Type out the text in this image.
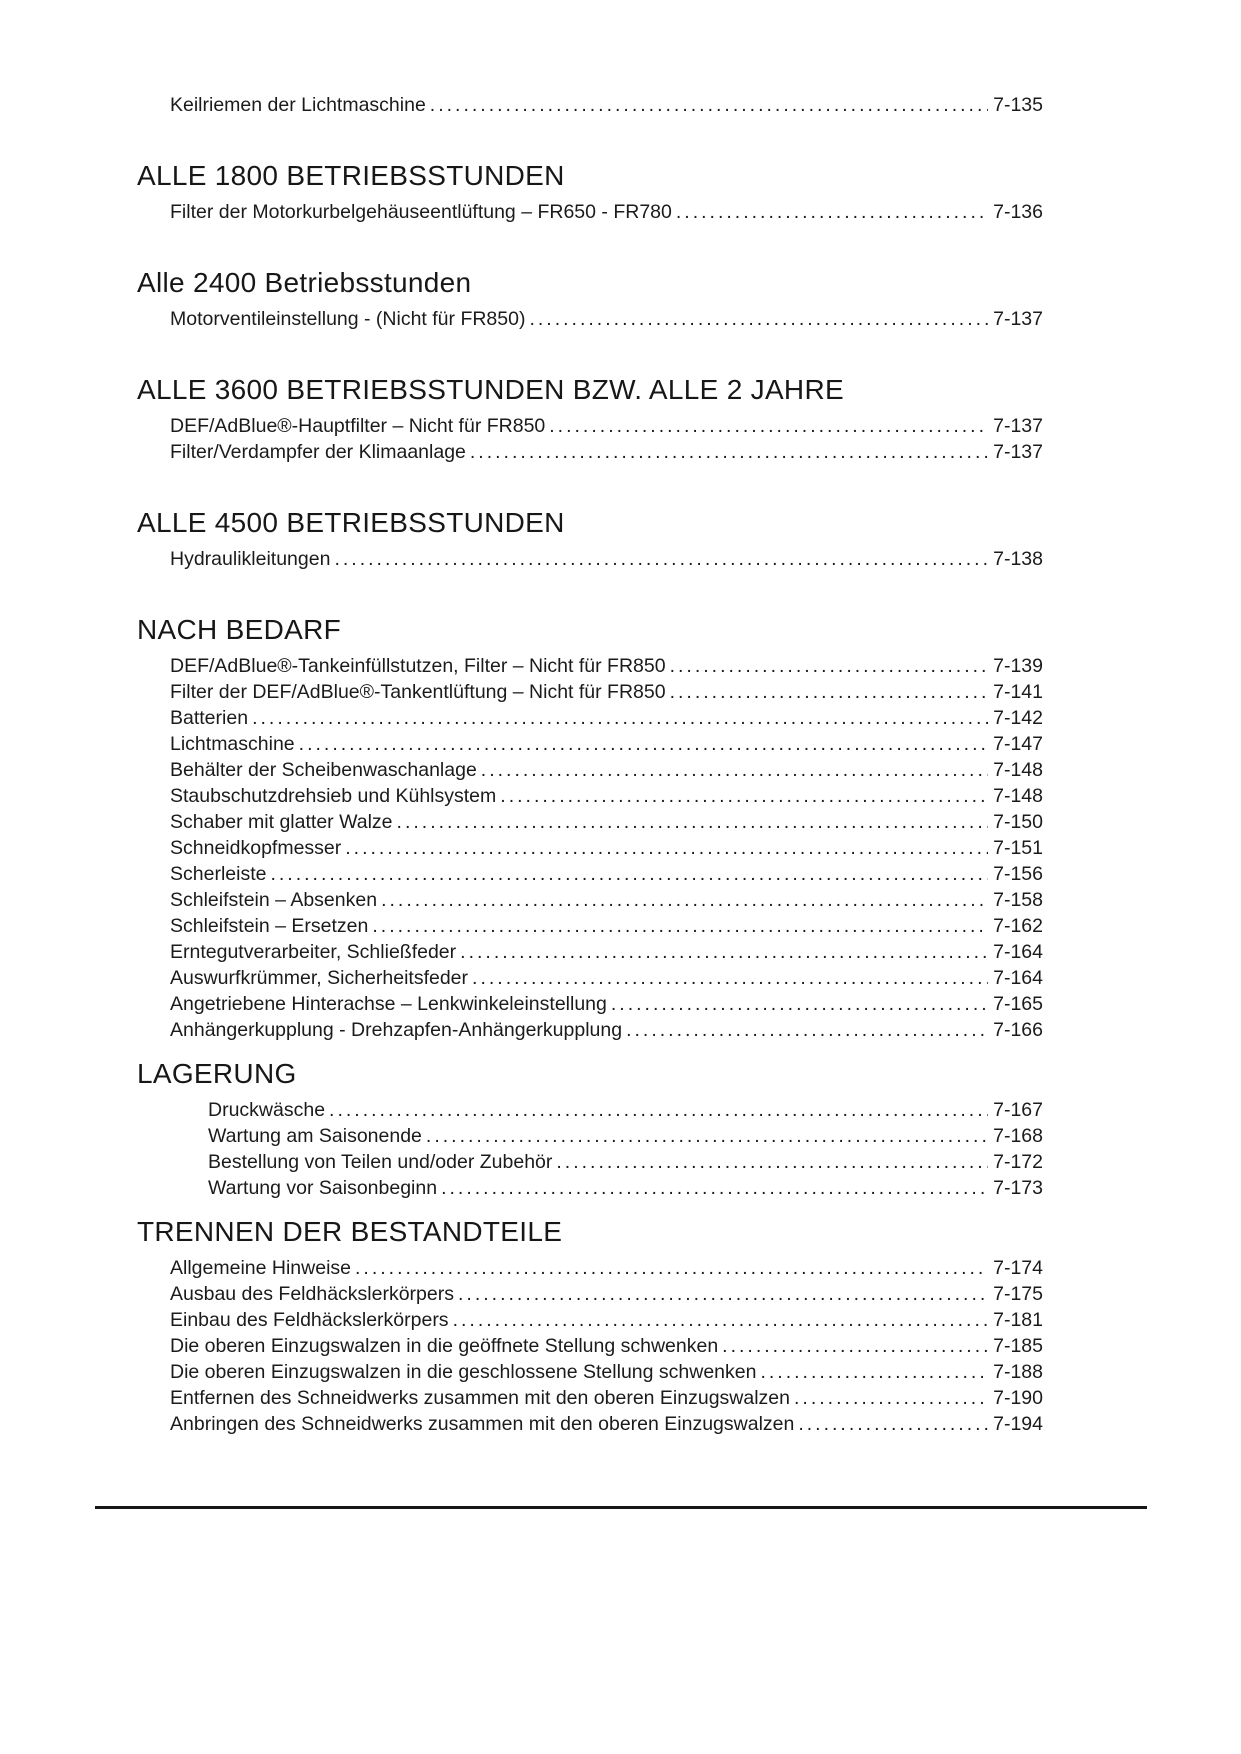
Keilriemen der Lichtmaschine .....	7-135
ALLE 1800 BETRIEBSSTUNDEN
Filter der Motorkurbelgehäuseentlüftung – FR650 - FR780 .....	7-136
Alle 2400 Betriebsstunden
Motorventileinstellung - (Nicht für FR850) .....	7-137
ALLE 3600 BETRIEBSSTUNDEN BZW. ALLE 2 JAHRE
DEF/AdBlue®-Hauptfilter – Nicht für FR850 .....	7-137
Filter/Verdampfer der Klimaanlage .....	7-137
ALLE 4500 BETRIEBSSTUNDEN
Hydraulikleitungen .....	7-138
NACH BEDARF
DEF/AdBlue®-Tankeinfüllstutzen, Filter – Nicht für FR850 .....	7-139
Filter der DEF/AdBlue®-Tankentlüftung – Nicht für FR850 .....	7-141
Batterien .....	7-142
Lichtmaschine .....	7-147
Behälter der Scheibenwaschanlage .....	7-148
Staubschutzdrehsieb und Kühlsystem .....	7-148
Schaber mit glatter Walze .....	7-150
Schneidkopfmesser .....	7-151
Scherleiste .....	7-156
Schleifstein – Absenken .....	7-158
Schleifstein – Ersetzen .....	7-162
Erntegutverarbeiter, Schließfeder .....	7-164
Auswurfkrümmer, Sicherheitsfeder .....	7-164
Angetriebene Hinterachse – Lenkwinkeleinstellung .....	7-165
Anhängerkupplung - Drehzapfen-Anhängerkupplung .....	7-166
LAGERUNG
Druckwäsche .....	7-167
Wartung am Saisonende .....	7-168
Bestellung von Teilen und/oder Zubehör .....	7-172
Wartung vor Saisonbeginn .....	7-173
TRENNEN DER BESTANDTEILE
Allgemeine Hinweise .....	7-174
Ausbau des Feldhäckslerkörpers .....	7-175
Einbau des Feldhäckslerkörpers .....	7-181
Die oberen Einzugswalzen in die geöffnete Stellung schwenken .....	7-185
Die oberen Einzugswalzen in die geschlossene Stellung schwenken .....	7-188
Entfernen des Schneidwerks zusammen mit den oberen Einzugswalzen .....	7-190
Anbringen des Schneidwerks zusammen mit den oberen Einzugswalzen .....	7-194
